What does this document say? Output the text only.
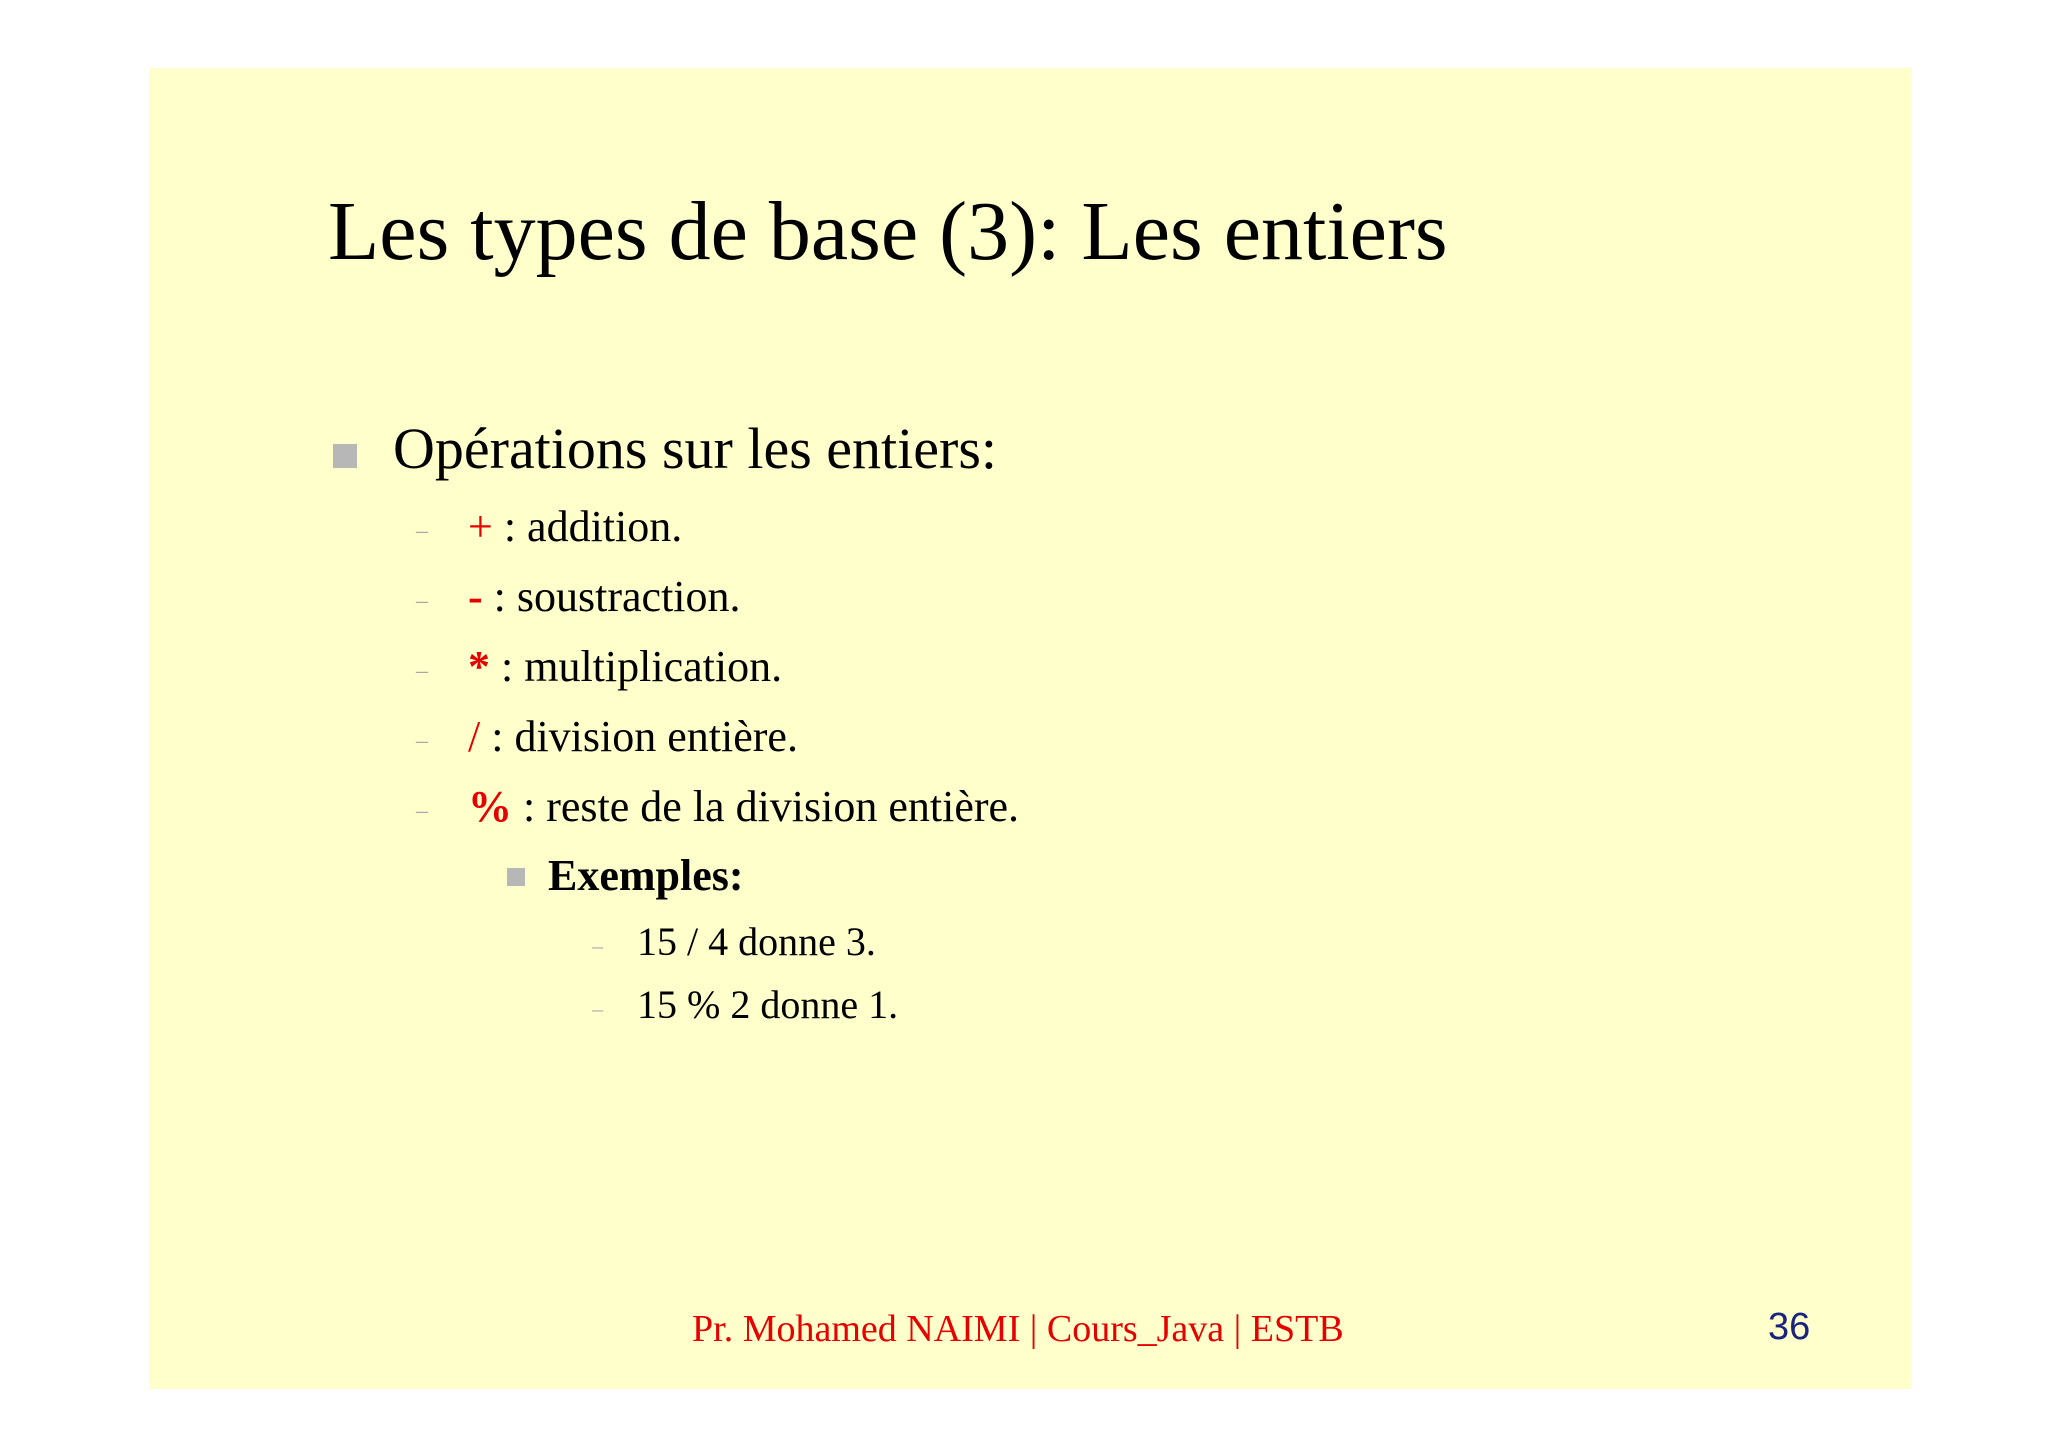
Les types de base (3): Les entiers
Opérations sur les entiers:
– + : addition.
– - : soustraction.
– * : multiplication.
– / : division entière.
– % : reste de la division entière.
Exemples:
– 15 / 4 donne 3.
– 15 % 2 donne 1.
Pr. Mohamed NAIMI | Cours_Java | ESTB	36
